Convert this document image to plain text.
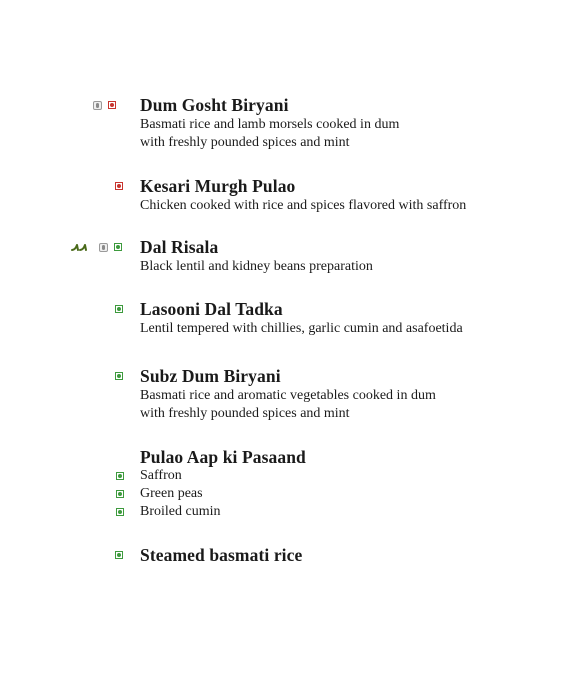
Dum Gosht Biryani
Basmati rice and lamb morsels cooked in dum
with freshly pounded spices and mint
Kesari Murgh Pulao
Chicken cooked with rice and spices flavored with saffron
Dal Risala
Black lentil and kidney beans preparation
Lasooni Dal Tadka
Lentil tempered with chillies, garlic cumin and asafoetida
Subz Dum Biryani
Basmati rice and aromatic vegetables cooked in dum
with freshly pounded spices and mint
Pulao Aap ki Pasaand
Saffron
Green peas
Broiled cumin
Steamed basmati rice
